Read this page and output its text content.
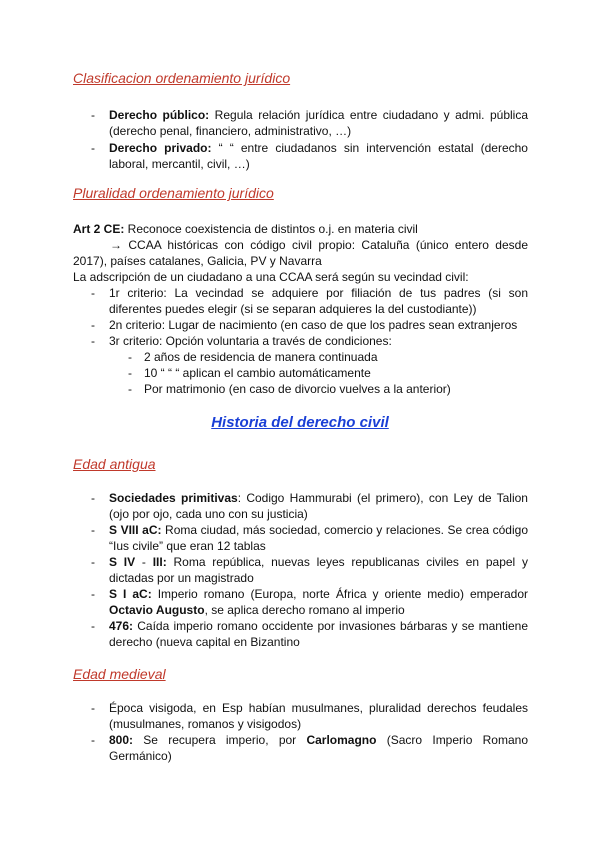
Clasificacion ordenamiento jurídico
- Derecho público: Regula relación jurídica entre ciudadano y admi. pública (derecho penal, financiero, administrativo, …)
- Derecho privado: “ “ entre ciudadanos sin intervención estatal (derecho laboral, mercantil, civil, …)
Pluralidad ordenamiento jurídico

Art 2 CE: Reconoce coexistencia de distintos o.j. en materia civil

→ CCAA históricas con código civil propio: Cataluña (único entero desde 2017), países catalanes, Galicia, PV y Navarra

La adscripción de un ciudadano a una CCAA será según su vecindad civil:

- 1r criterio: La vecindad se adquiere por filiación de tus padres (si son diferentes puedes elegir (si se separan adquieres la del custodiante))
- 2n criterio: Lugar de nacimiento (en caso de que los padres sean extranjeros
- 3r criterio: Opción voluntaria a través de condiciones:
- 2 años de residencia de manera continuada
- 10 “ “ “ aplican el cambio automáticamente
- Por matrimonio (en caso de divorcio vuelves a la anterior)
Historia del derecho civil
Edad antigua
- Sociedades primitivas: Codigo Hammurabi (el primero), con Ley de Talion (ojo por ojo, cada uno con su justicia)
- S VIII aC: Roma ciudad, más sociedad, comercio y relaciones. Se crea código “Ius civile” que eran 12 tablas
- S IV - III: Roma república, nuevas leyes republicanas civiles en papel y dictadas por un magistrado
- S I aC: Imperio romano (Europa, norte África y oriente medio) emperador Octavio Augusto, se aplica derecho romano al imperio
- 476: Caída imperio romano occidente por invasiones bárbaras y se mantiene derecho (nueva capital en Bizantino
Edad medieval
- Época visigoda, en Esp habían musulmanes, pluralidad derechos feudales (musulmanes, romanos y visigodos)
- 800: Se recupera imperio, por Carlomagno (Sacro Imperio Romano Germánico)
